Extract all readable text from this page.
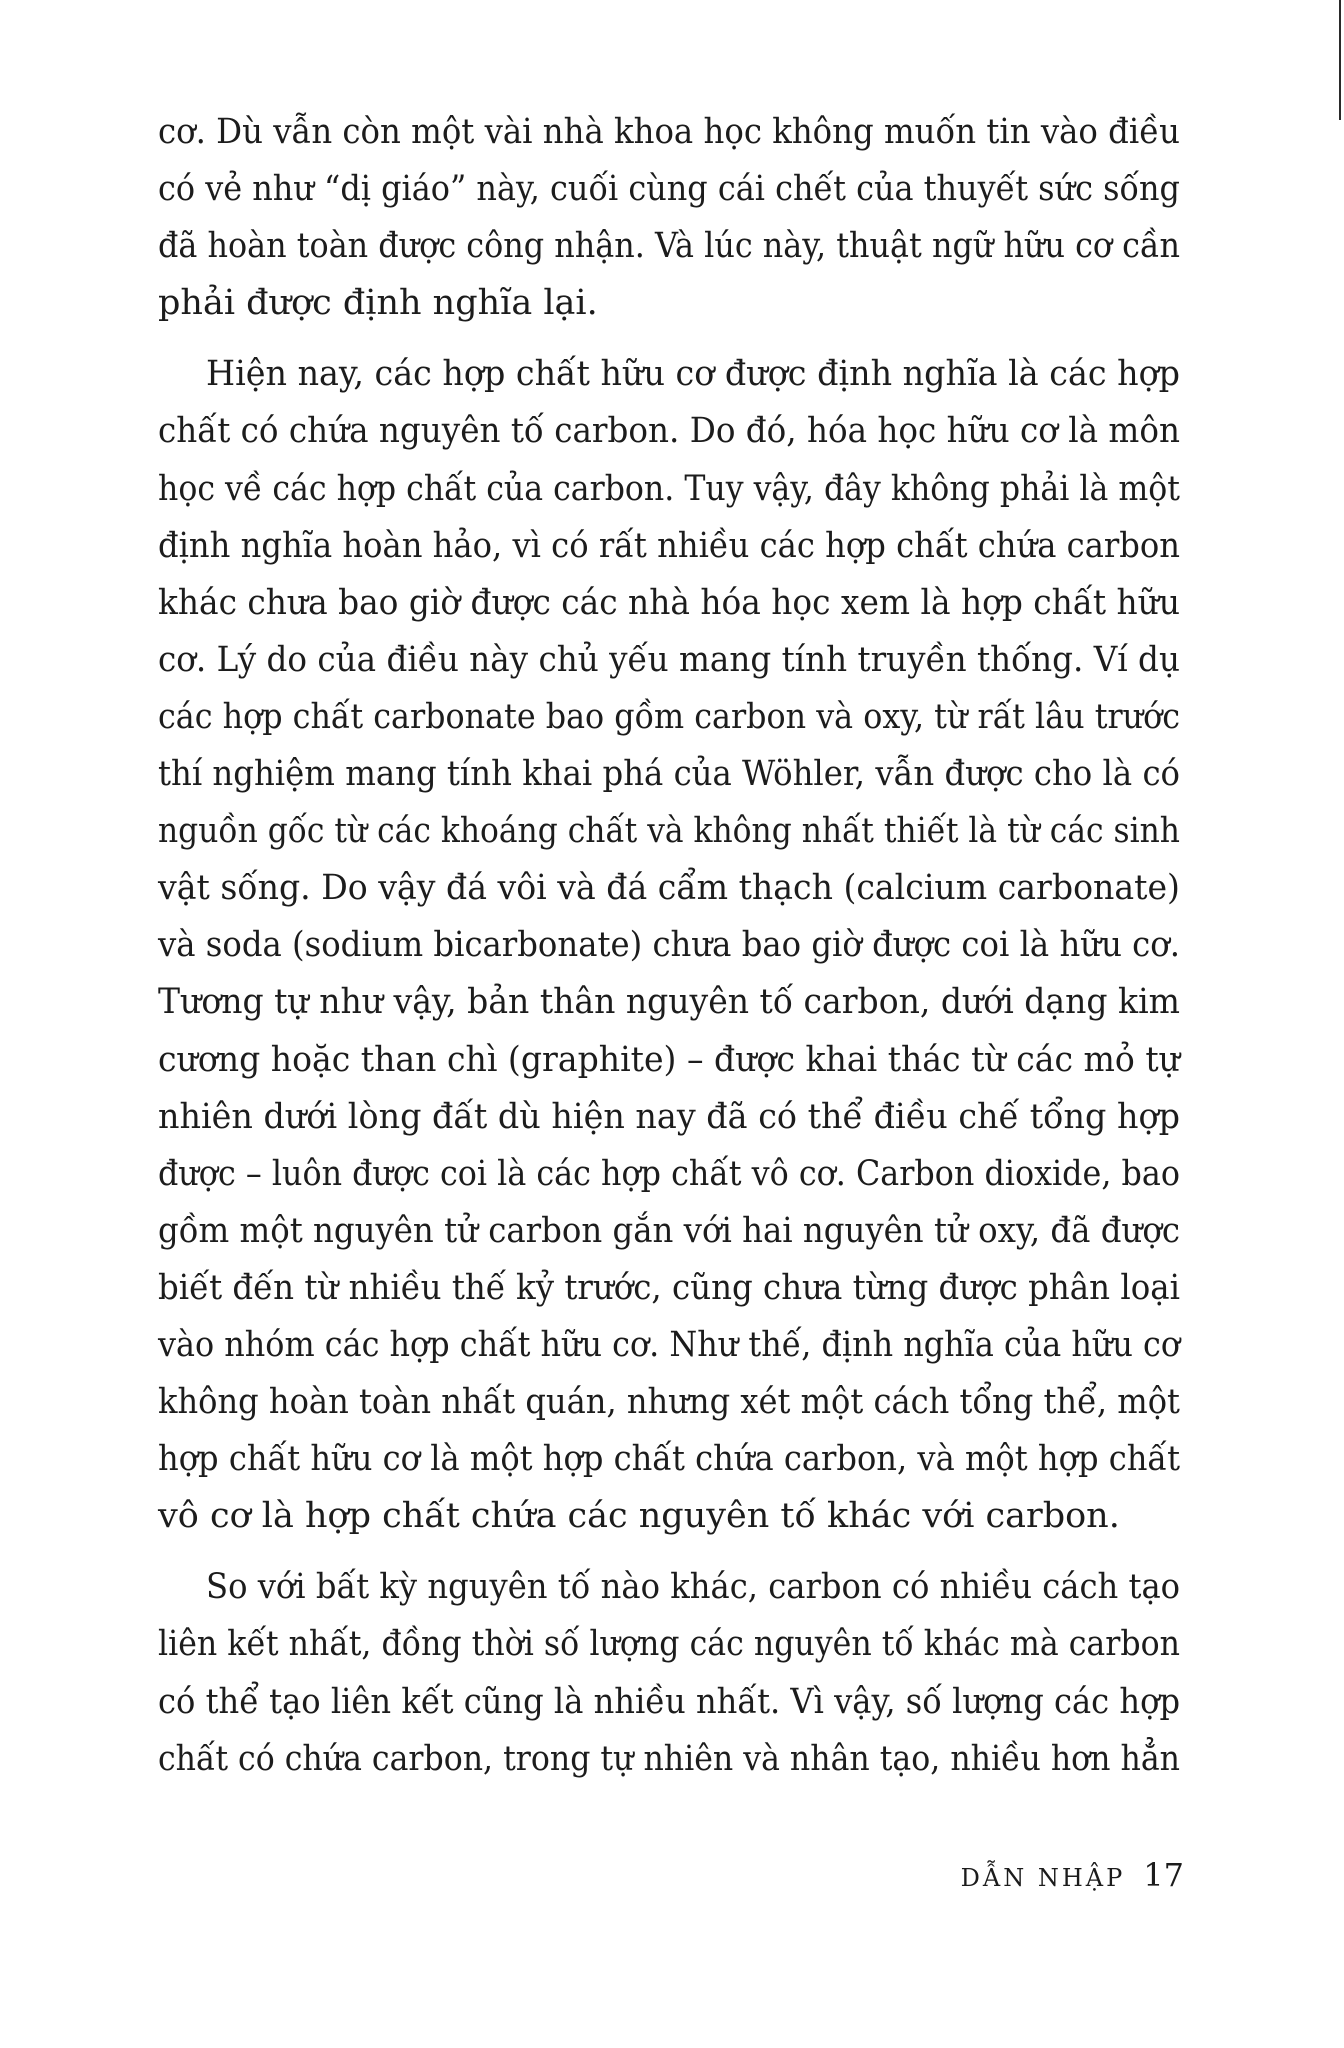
cơ. Dù vẫn còn một vài nhà khoa học không muốn tin vào điều
có vẻ như “dị giáo” này, cuối cùng cái chết của thuyết sức sống
đã hoàn toàn được công nhận. Và lúc này, thuật ngữ hữu cơ cần
phải được định nghĩa lại.
Hiện nay, các hợp chất hữu cơ được định nghĩa là các hợp
chất có chứa nguyên tố carbon. Do đó, hóa học hữu cơ là môn
học về các hợp chất của carbon. Tuy vậy, đây không phải là một
định nghĩa hoàn hảo, vì có rất nhiều các hợp chất chứa carbon
khác chưa bao giờ được các nhà hóa học xem là hợp chất hữu
cơ. Lý do của điều này chủ yếu mang tính truyền thống. Ví dụ
các hợp chất carbonate bao gồm carbon và oxy, từ rất lâu trước
thí nghiệm mang tính khai phá của Wöhler, vẫn được cho là có
nguồn gốc từ các khoáng chất và không nhất thiết là từ các sinh
vật sống. Do vậy đá vôi và đá cẩm thạch (calcium carbonate)
và soda (sodium bicarbonate) chưa bao giờ được coi là hữu cơ.
Tương tự như vậy, bản thân nguyên tố carbon, dưới dạng kim
cương hoặc than chì (graphite) – được khai thác từ các mỏ tự
nhiên dưới lòng đất dù hiện nay đã có thể điều chế tổng hợp
được – luôn được coi là các hợp chất vô cơ. Carbon dioxide, bao
gồm một nguyên tử carbon gắn với hai nguyên tử oxy, đã được
biết đến từ nhiều thế kỷ trước, cũng chưa từng được phân loại
vào nhóm các hợp chất hữu cơ. Như thế, định nghĩa của hữu cơ
không hoàn toàn nhất quán, nhưng xét một cách tổng thể, một
hợp chất hữu cơ là một hợp chất chứa carbon, và một hợp chất
vô cơ là hợp chất chứa các nguyên tố khác với carbon.
So với bất kỳ nguyên tố nào khác, carbon có nhiều cách tạo
liên kết nhất, đồng thời số lượng các nguyên tố khác mà carbon
có thể tạo liên kết cũng là nhiều nhất. Vì vậy, số lượng các hợp
chất có chứa carbon, trong tự nhiên và nhân tạo, nhiều hơn hẳn
DẪN NHẬP 17
